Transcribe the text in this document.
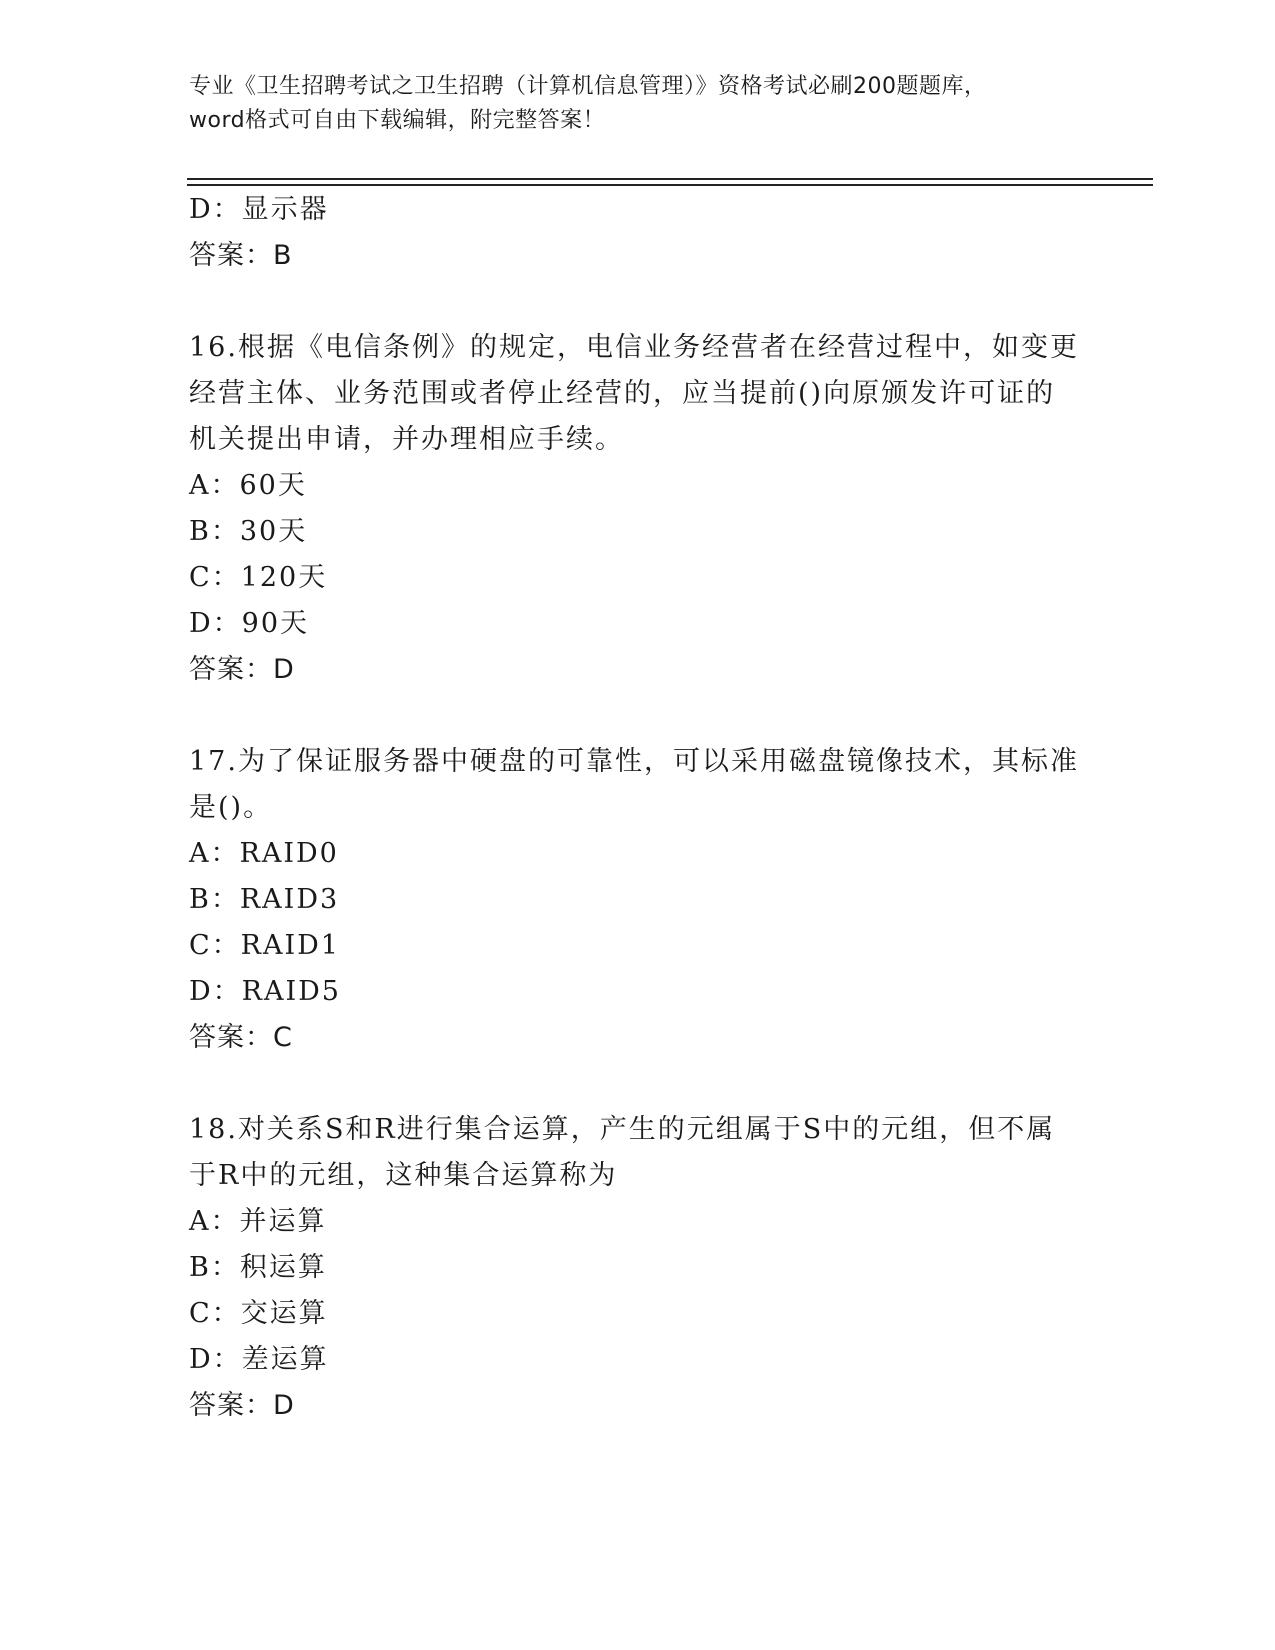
专业《卫生招聘考试之卫生招聘（计算机信息管理）》资格考试必刷200题题库，
word格式可自由下载编辑，附完整答案！
D：显示器
答案：B
16.根据《电信条例》的规定，电信业务经营者在经营过程中，如变更
经营主体、业务范围或者停止经营的，应当提前()向原颁发许可证的
机关提出申请，并办理相应手续。
A：60天
B：30天
C：120天
D：90天
答案：D
17.为了保证服务器中硬盘的可靠性，可以采用磁盘镜像技术，其标准
是()。
A：RAID0
B：RAID3
C：RAID1
D：RAID5
答案：C
18.对关系S和R进行集合运算，产生的元组属于S中的元组，但不属
于R中的元组，这种集合运算称为
A：并运算
B：积运算
C：交运算
D：差运算
答案：D
